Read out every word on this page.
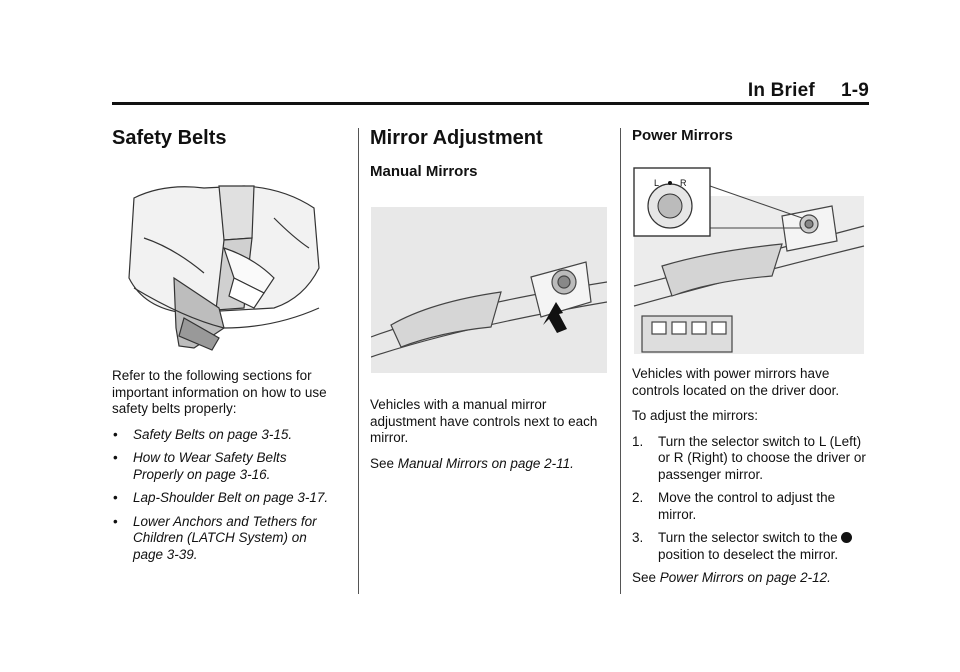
In Brief 1-9
Safety Belts

Refer to the following sections for important information on how to use safety belts properly:

• Safety Belts on page 3-15.
• How to Wear Safety Belts
Properly on page 3-16.
• Lap-Shoulder Belt on page 3-17.
• Lower Anchors and Tethers for
Children (LATCH System) on
page 3-39.
Mirror Adjustment
Manual Mirrors

Vehicles with a manual mirror adjustment have controls next to each mirror.

See Manual Mirrors on page 2-11.

Power Mirrors
L R

Vehicles with power mirrors have controls located on the driver door.

To adjust the mirrors:

1. Turn the selector switch to L (Left) or R (Right) to choose the driver or passenger mirror.
2. Move the control to adjust the mirror.
3. Turn the selector switch to the
position to deselect the mirror.

See Power Mirrors on page 2-12.
